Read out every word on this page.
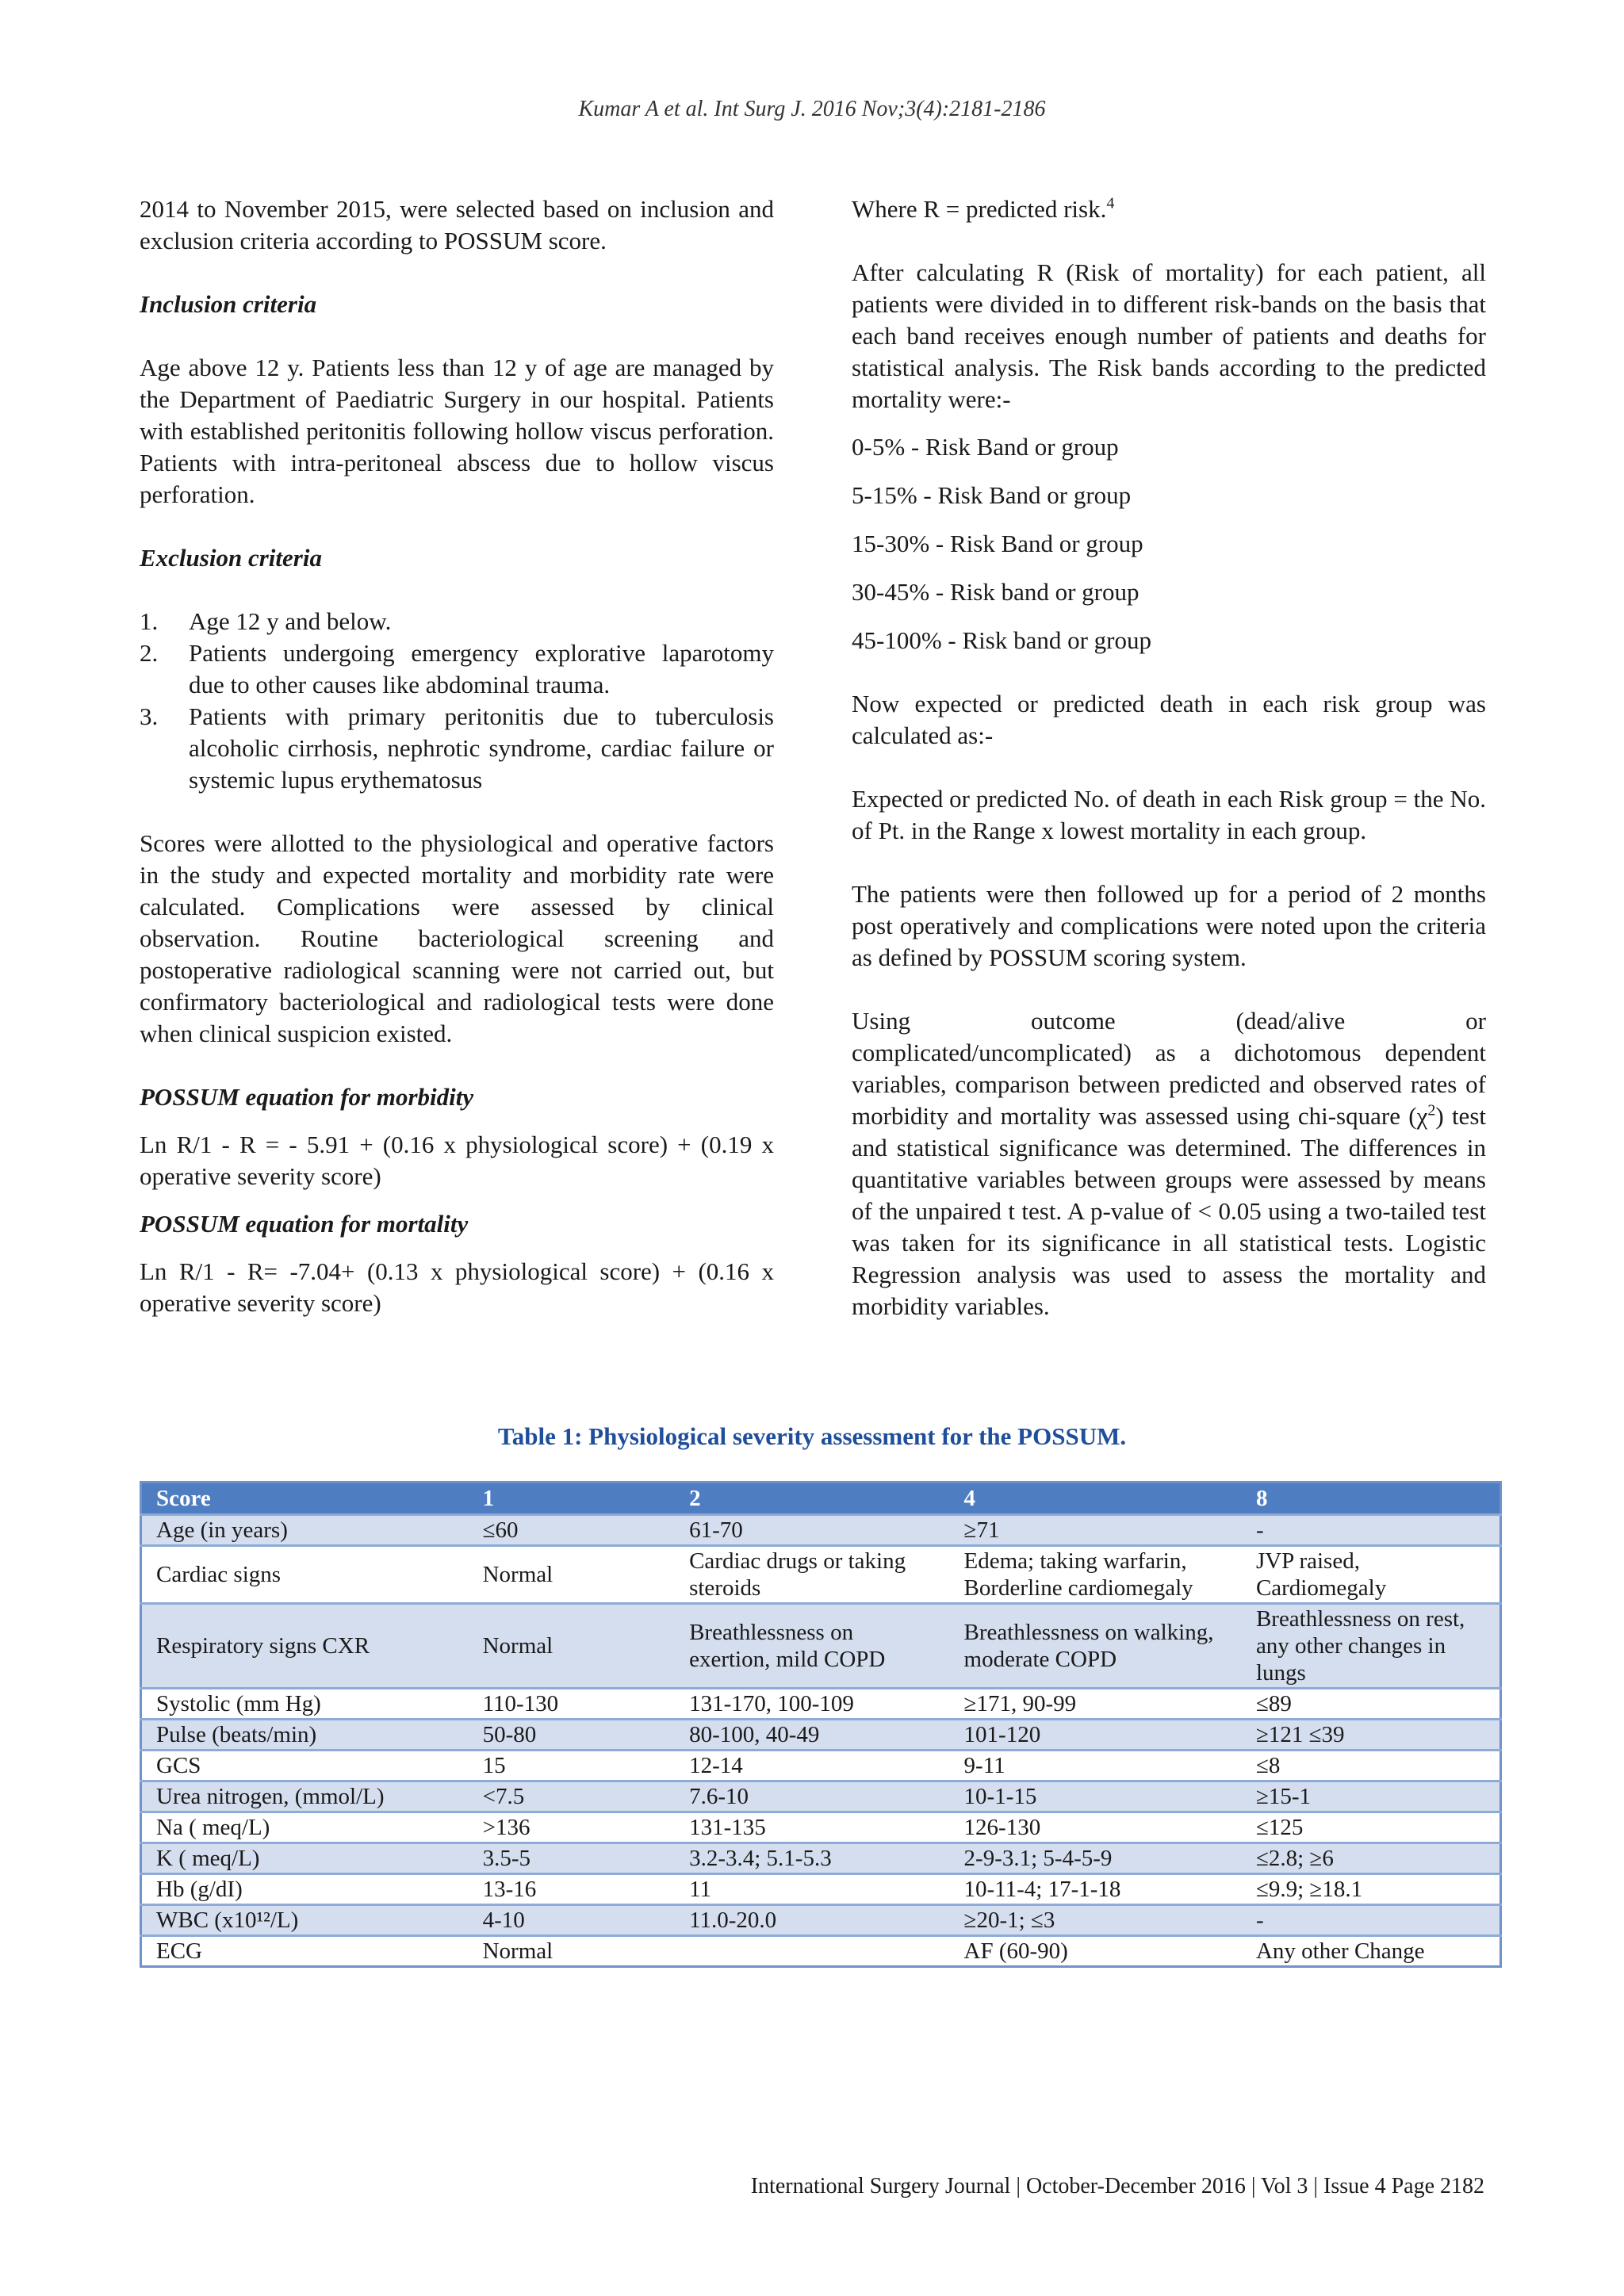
Kumar A et al. Int Surg J. 2016 Nov;3(4):2181-2186

2014 to November 2015, were selected based on inclusion and exclusion criteria according to POSSUM score.

Inclusion criteria

Age above 12 y. Patients less than 12 y of age are managed by the Department of Paediatric Surgery in our hospital. Patients with established peritonitis following hollow viscus perforation. Patients with intra-peritoneal abscess due to hollow viscus perforation.

Exclusion criteria
1. Age 12 y and below.
2. Patients undergoing emergency explorative laparotomy due to other causes like abdominal trauma.
3. Patients with primary peritonitis due to tuberculosis alcoholic cirrhosis, nephrotic syndrome, cardiac failure or systemic lupus erythematosus

Scores were allotted to the physiological and operative factors in the study and expected mortality and morbidity rate were calculated. Complications were assessed by clinical observation. Routine bacteriological screening and postoperative radiological scanning were not carried out, but confirmatory bacteriological and radiological tests were done when clinical suspicion existed.

POSSUM equation for morbidity

Ln R/1 - R = - 5.91 + (0.16 x physiological score) + (0.19 x operative severity score)

POSSUM equation for mortality

Ln R/1 - R= -7.04+ (0.13 x physiological score) + (0.16 x operative severity score)

Where R = predicted risk.$^4$

After calculating R (Risk of mortality) for each patient, all patients were divided in to different risk-bands on the basis that each band receives enough number of patients and deaths for statistical analysis. The Risk bands according to the predicted mortality were:-

0-5% - Risk Band or group
5-15% - Risk Band or group
15-30% - Risk Band or group
30-45% - Risk band or group
45-100% - Risk band or group

Now expected or predicted death in each risk group was calculated as:-

Expected or predicted No. of death in each Risk group = the No. of Pt. in the Range x lowest mortality in each group.

The patients were then followed up for a period of 2 months post operatively and complications were noted upon the criteria as defined by POSSUM scoring system.

Using outcome (dead/alive or
complicated/uncomplicated) as a dichotomous dependent variables, comparison between predicted and observed rates of morbidity and mortality was assessed using chi-square $(\chi^2)$ test and statistical significance was determined. The differences in quantitative variables between groups were assessed by means of the unpaired t test. A p-value of < 0.05 using a two-tailed test was taken for its significance in all statistical tests. Logistic Regression analysis was used to assess the mortality and morbidity variables.
Table 1: Physiological severity assessment for the POSSUM.
Score	1	2	4	8
Age (in years)	≤60	61-70	≥71	-
Cardiac signs	Normal	Cardiac drugs or taking steroids	Edema; taking warfarin, Borderline cardiomegaly	JVP raised, Cardiomegaly
Respiratory signs CXR	Normal	Breathlessness on exertion, mild COPD	Breathlessness on walking, moderate COPD	Breathlessness on rest, any other changes in lungs
Systolic (mm Hg)	110-130	131-170, 100-109	≥171, 90-99	≤89
Pulse (beats/min)	50-80	80-100, 40-49	101-120	≥121 ≤39
GCS	15	12-14	9-11	≤8
Urea nitrogen, (mmol/L)	<7.5	7.6-10	10-1-15	≥15-1
Na ( meq/L)	>136	131-135	126-130	≤125
K ( meq/L)	3.5-5	3.2-3.4; 5.1-5.3	2-9-3.1; 5-4-5-9	≤2.8; ≥6
Hb (g/dI)	13-16	11	10-11-4; 17-1-18	≤9.9; ≥18.1
WBC (x10¹²/L)	4-10	11.0-20.0	≥20-1; ≤3	-
ECG	Normal		AF (60-90)	Any other Change
International Surgery Journal | October-December 2016 | Vol 3 | Issue 4 Page 2182
